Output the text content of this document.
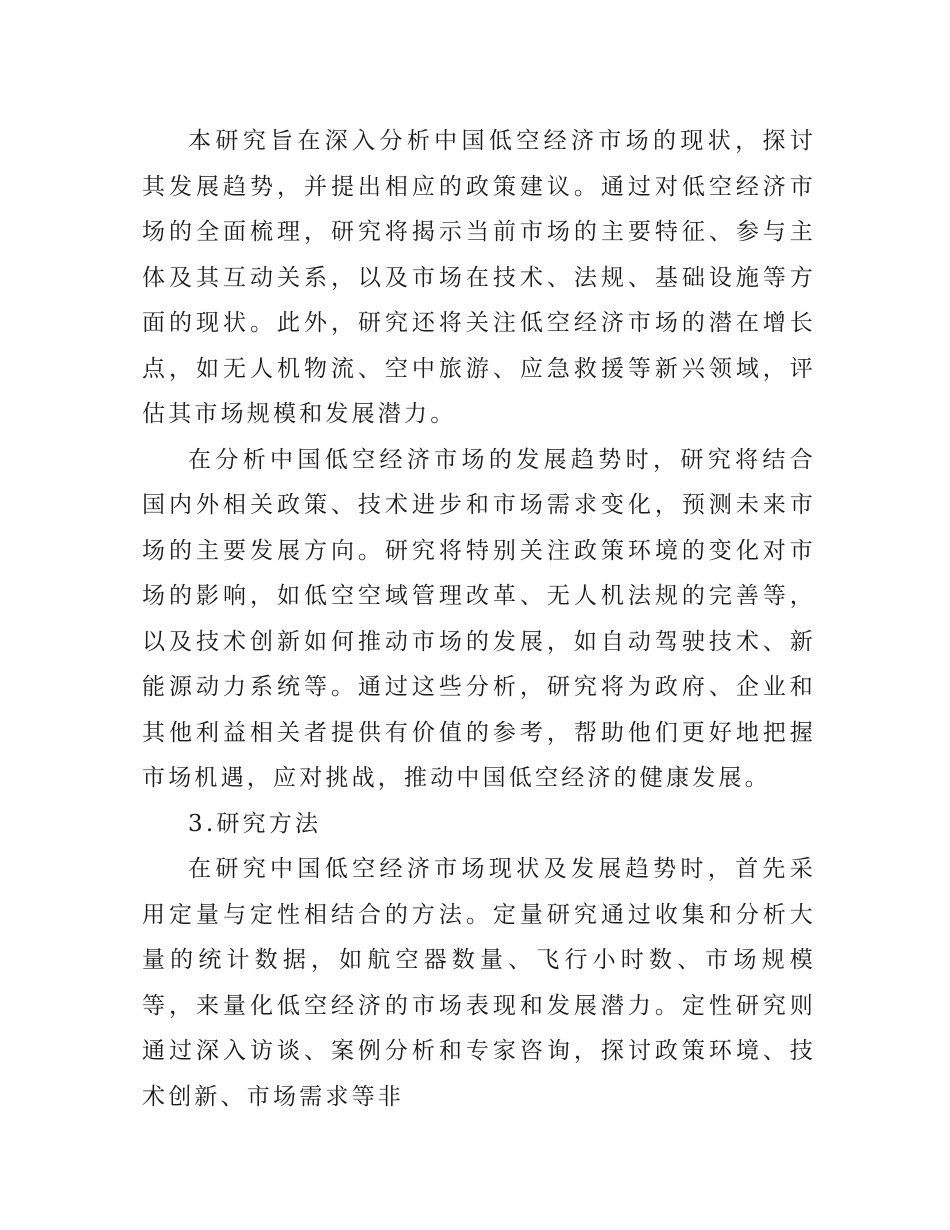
本研究旨在深入分析中国低空经济市场的现状，探讨其发展趋势，并提出相应的政策建议。通过对低空经济市场的全面梳理，研究将揭示当前市场的主要特征、参与主体及其互动关系，以及市场在技术、法规、基础设施等方面的现状。此外，研究还将关注低空经济市场的潜在增长点，如无人机物流、空中旅游、应急救援等新兴领域，评估其市场规模和发展潜力。

在分析中国低空经济市场的发展趋势时，研究将结合国内外相关政策、技术进步和市场需求变化，预测未来市场的主要发展方向。研究将特别关注政策环境的变化对市场的影响，如低空空域管理改革、无人机法规的完善等，以及技术创新如何推动市场的发展，如自动驾驶技术、新能源动力系统等。通过这些分析，研究将为政府、企业和其他利益相关者提供有价值的参考，帮助他们更好地把握市场机遇，应对挑战，推动中国低空经济的健康发展。

3.研究方法

在研究中国低空经济市场现状及发展趋势时，首先采用定量与定性相结合的方法。定量研究通过收集和分析大量的统计数据，如航空器数量、飞行小时数、市场规模等，来量化低空经济的市场表现和发展潜力。定性研究则通过深入访谈、案例分析和专家咨询，探讨政策环境、技术创新、市场需求等非
